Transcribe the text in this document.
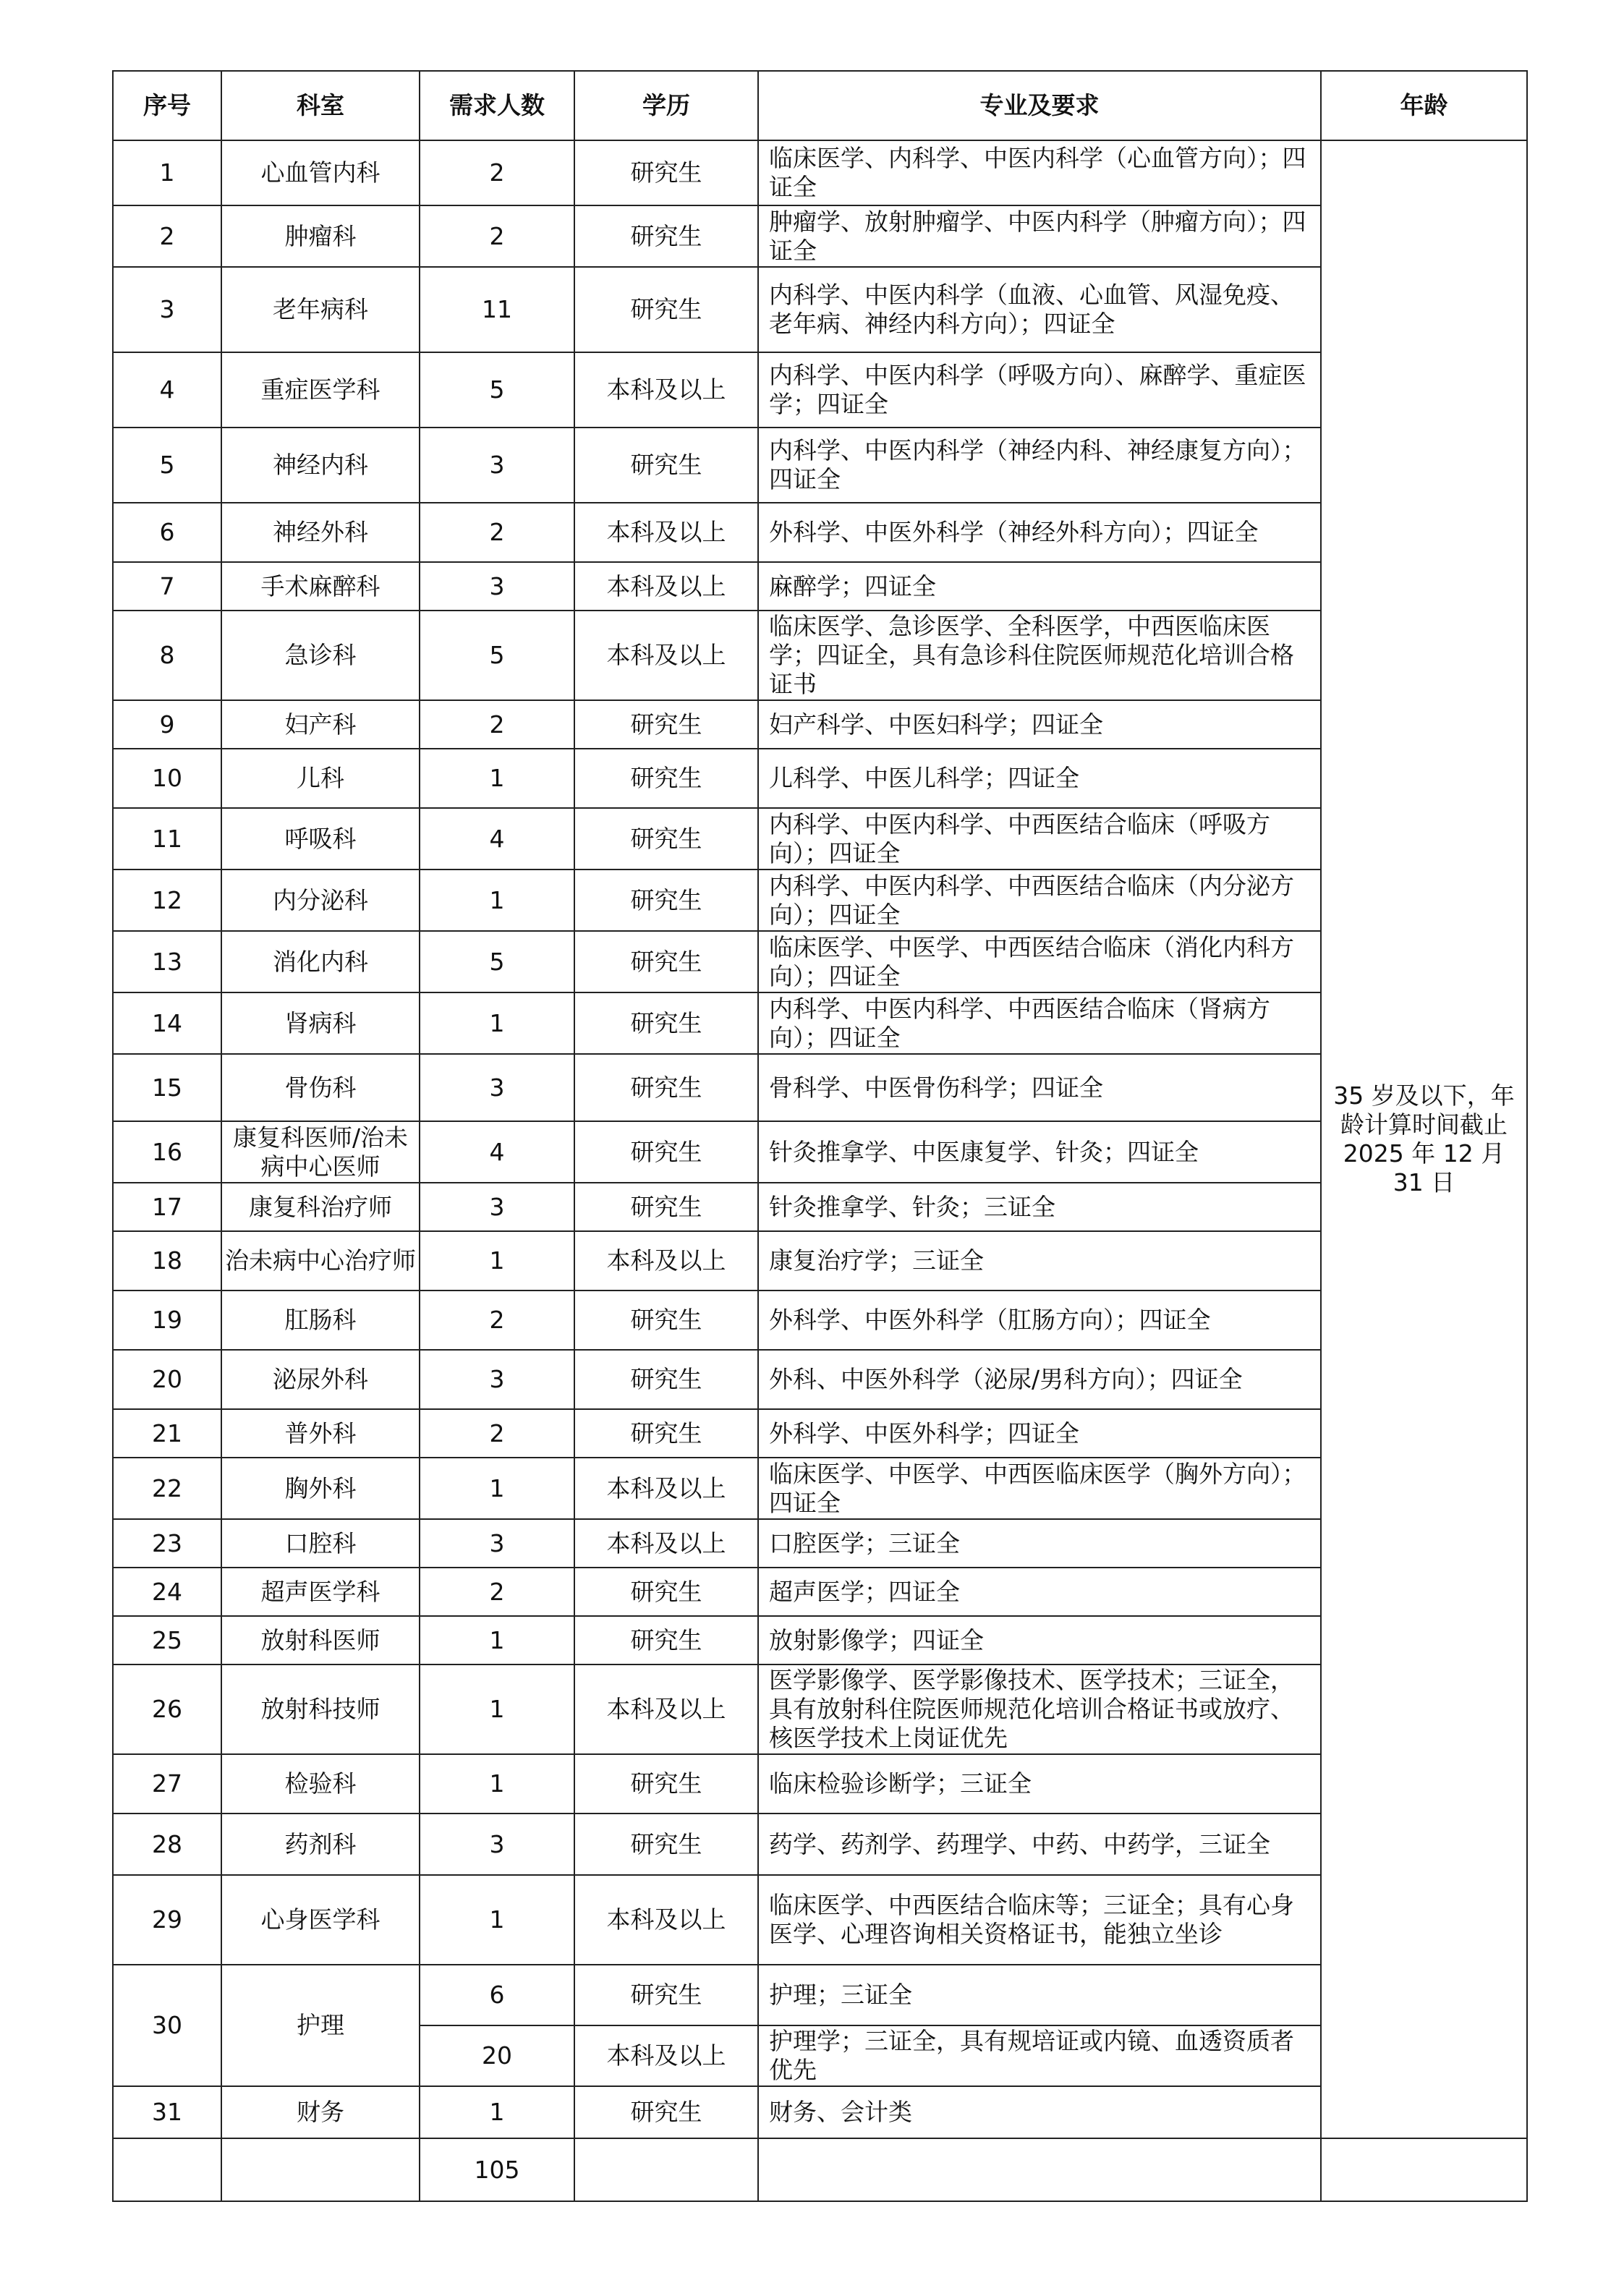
序号	科室	需求人数	学历	专业及要求	年龄
1	心血管内科	2	研究生	临床医学、内科学、中医内科学（心血管方向）；四证全	35 岁及以下，年龄计算时间截止 2025 年 12 月 31 日
2	肿瘤科	2	研究生	肿瘤学、放射肿瘤学、中医内科学（肿瘤方向）；四证全	
3	老年病科	11	研究生	内科学、中医内科学（血液、心血管、风湿免疫、老年病、神经内科方向）；四证全	
4	重症医学科	5	本科及以上	内科学、中医内科学（呼吸方向）、麻醉学、重症医学；四证全	
5	神经内科	3	研究生	内科学、中医内科学（神经内科、神经康复方向）；四证全	
6	神经外科	2	本科及以上	外科学、中医外科学（神经外科方向）；四证全	
7	手术麻醉科	3	本科及以上	麻醉学；四证全	
8	急诊科	5	本科及以上	临床医学、急诊医学、全科医学，中西医临床医学；四证全，具有急诊科住院医师规范化培训合格证书	
9	妇产科	2	研究生	妇产科学、中医妇科学；四证全	
10	儿科	1	研究生	儿科学、中医儿科学；四证全	
11	呼吸科	4	研究生	内科学、中医内科学、中西医结合临床（呼吸方向）；四证全	
12	内分泌科	1	研究生	内科学、中医内科学、中西医结合临床（内分泌方向）；四证全	
13	消化内科	5	研究生	临床医学、中医学、中西医结合临床（消化内科方向）；四证全	
14	肾病科	1	研究生	内科学、中医内科学、中西医结合临床（肾病方向）；四证全	
15	骨伤科	3	研究生	骨科学、中医骨伤科学；四证全	
16	康复科医师/治未病中心医师	4	研究生	针灸推拿学、中医康复学、针灸；四证全	
17	康复科治疗师	3	研究生	针灸推拿学、针灸；三证全	
18	治未病中心治疗师	1	本科及以上	康复治疗学；三证全	
19	肛肠科	2	研究生	外科学、中医外科学（肛肠方向）；四证全	
20	泌尿外科	3	研究生	外科、中医外科学（泌尿/男科方向）；四证全	
21	普外科	2	研究生	外科学、中医外科学；四证全	
22	胸外科	1	本科及以上	临床医学、中医学、中西医临床医学（胸外方向）；四证全	
23	口腔科	3	本科及以上	口腔医学；三证全	
24	超声医学科	2	研究生	超声医学；四证全	
25	放射科医师	1	研究生	放射影像学；四证全	
26	放射科技师	1	本科及以上	医学影像学、医学影像技术、医学技术；三证全，具有放射科住院医师规范化培训合格证书或放疗、核医学技术上岗证优先	
27	检验科	1	研究生	临床检验诊断学；三证全	
28	药剂科	3	研究生	药学、药剂学、药理学、中药、中药学，三证全	
29	心身医学科	1	本科及以上	临床医学、中西医结合临床等；三证全；具有心身医学、心理咨询相关资格证书，能独立坐诊	
30	护理	6	研究生	护理；三证全	
		20	本科及以上	护理学；三证全，具有规培证或内镜、血透资质者优先	
31	财务	1	研究生	财务、会计类	
		105			
